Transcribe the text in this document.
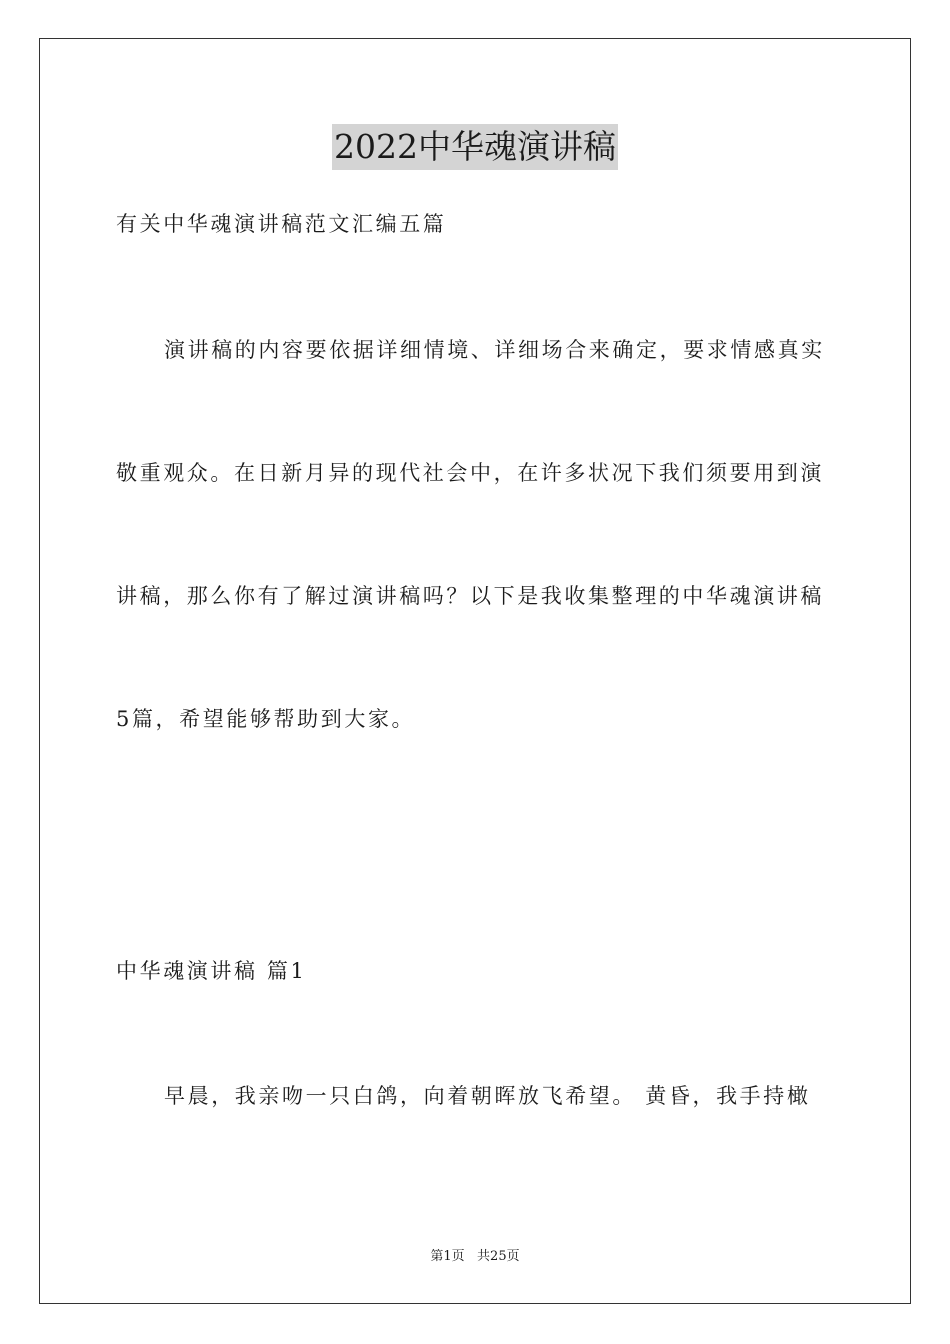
2022中华魂演讲稿
有关中华魂演讲稿范文汇编五篇
演讲稿的内容要依据详细情境、详细场合来确定，要求情感真实
敬重观众。在日新月异的现代社会中，在许多状况下我们须要用到演
讲稿，那么你有了解过演讲稿吗？以下是我收集整理的中华魂演讲稿
5篇，希望能够帮助到大家。
中华魂演讲稿 篇1
早晨，我亲吻一只白鸽，向着朝晖放飞希望。 黄昏，我手持橄
第1页   共25页
